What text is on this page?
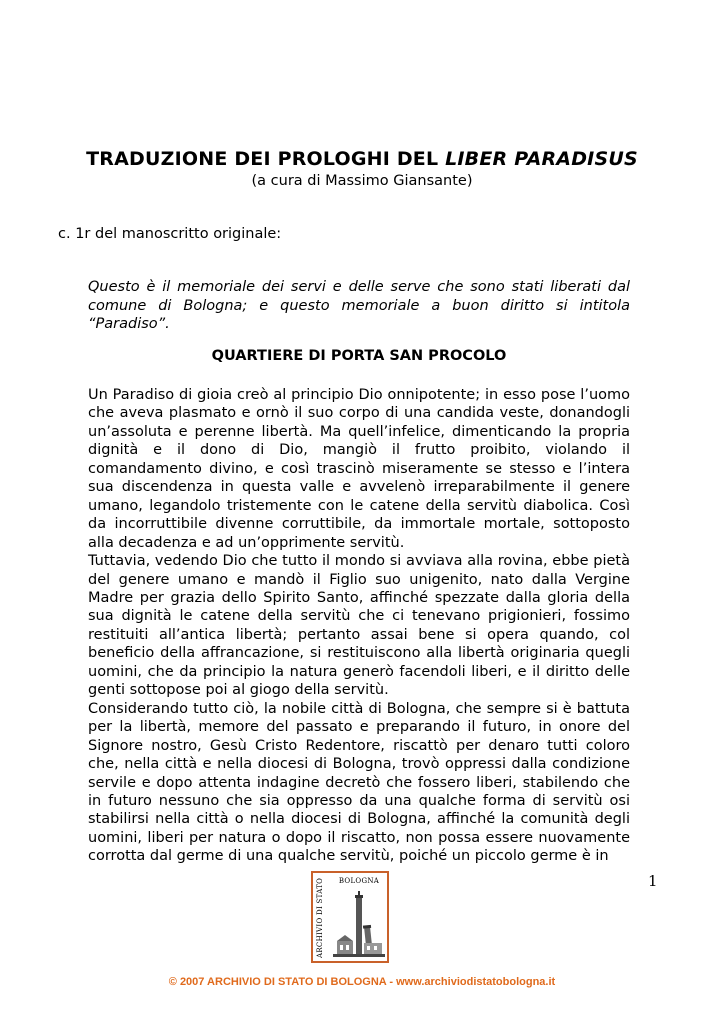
TRADUZIONE DEI PROLOGHI DEL LIBER PARADISUS
(a cura di Massimo Giansante)
c. 1r del manoscritto originale:
Questo è il memoriale dei servi e delle serve che sono stati liberati dal comune di Bologna; e questo memoriale a buon diritto si intitola “Paradiso”.
QUARTIERE DI PORTA SAN PROCOLO

Un Paradiso di gioia creò al principio Dio onnipotente; in esso pose l’uomo che aveva plasmato e ornò il suo corpo di una candida veste, donandogli un’assoluta e perenne libertà. Ma quell’infelice, dimenticando la propria dignità e il dono di Dio, mangiò il frutto proibito, violando il comandamento divino, e così trascinò miseramente se stesso e l’intera sua discendenza in questa valle e avvelenò irreparabilmente il genere umano, legandolo tristemente con le catene della servitù diabolica. Così da incorruttibile divenne corruttibile, da immortale mortale, sottoposto alla decadenza e ad un’opprimente servitù.

Tuttavia, vedendo Dio che tutto il mondo si avviava alla rovina, ebbe pietà del genere umano e mandò il Figlio suo unigenito, nato dalla Vergine Madre per grazia dello Spirito Santo, affinché spezzate dalla gloria della sua dignità le catene della servitù che ci tenevano prigionieri, fossimo restituiti all’antica libertà; pertanto assai bene si opera quando, col beneficio della affrancazione, si restituiscono alla libertà originaria quegli uomini, che da principio la natura generò facendoli liberi, e il diritto delle genti sottopose poi al giogo della servitù.

Considerando tutto ciò, la nobile città di Bologna, che sempre si è battuta per la libertà, memore del passato e preparando il futuro, in onore del Signore nostro, Gesù Cristo Redentore, riscattò per denaro tutti coloro che, nella città e nella diocesi di Bologna, trovò oppressi dalla condizione servile e dopo attenta indagine decretò che fossero liberi, stabilendo che in futuro nessuno che sia oppresso da una qualche forma di servitù osi stabilirsi nella città o nella diocesi di Bologna, affinché la comunità degli uomini, liberi per natura o dopo il riscatto, non possa essere nuovamente corrotta dal germe di una qualche servitù, poiché un piccolo germe è in

1
ARCHIVIO DI STATO	BOLOGNA
© 2007 ARCHIVIO DI STATO DI BOLOGNA - www.archiviodistatobologna.it
